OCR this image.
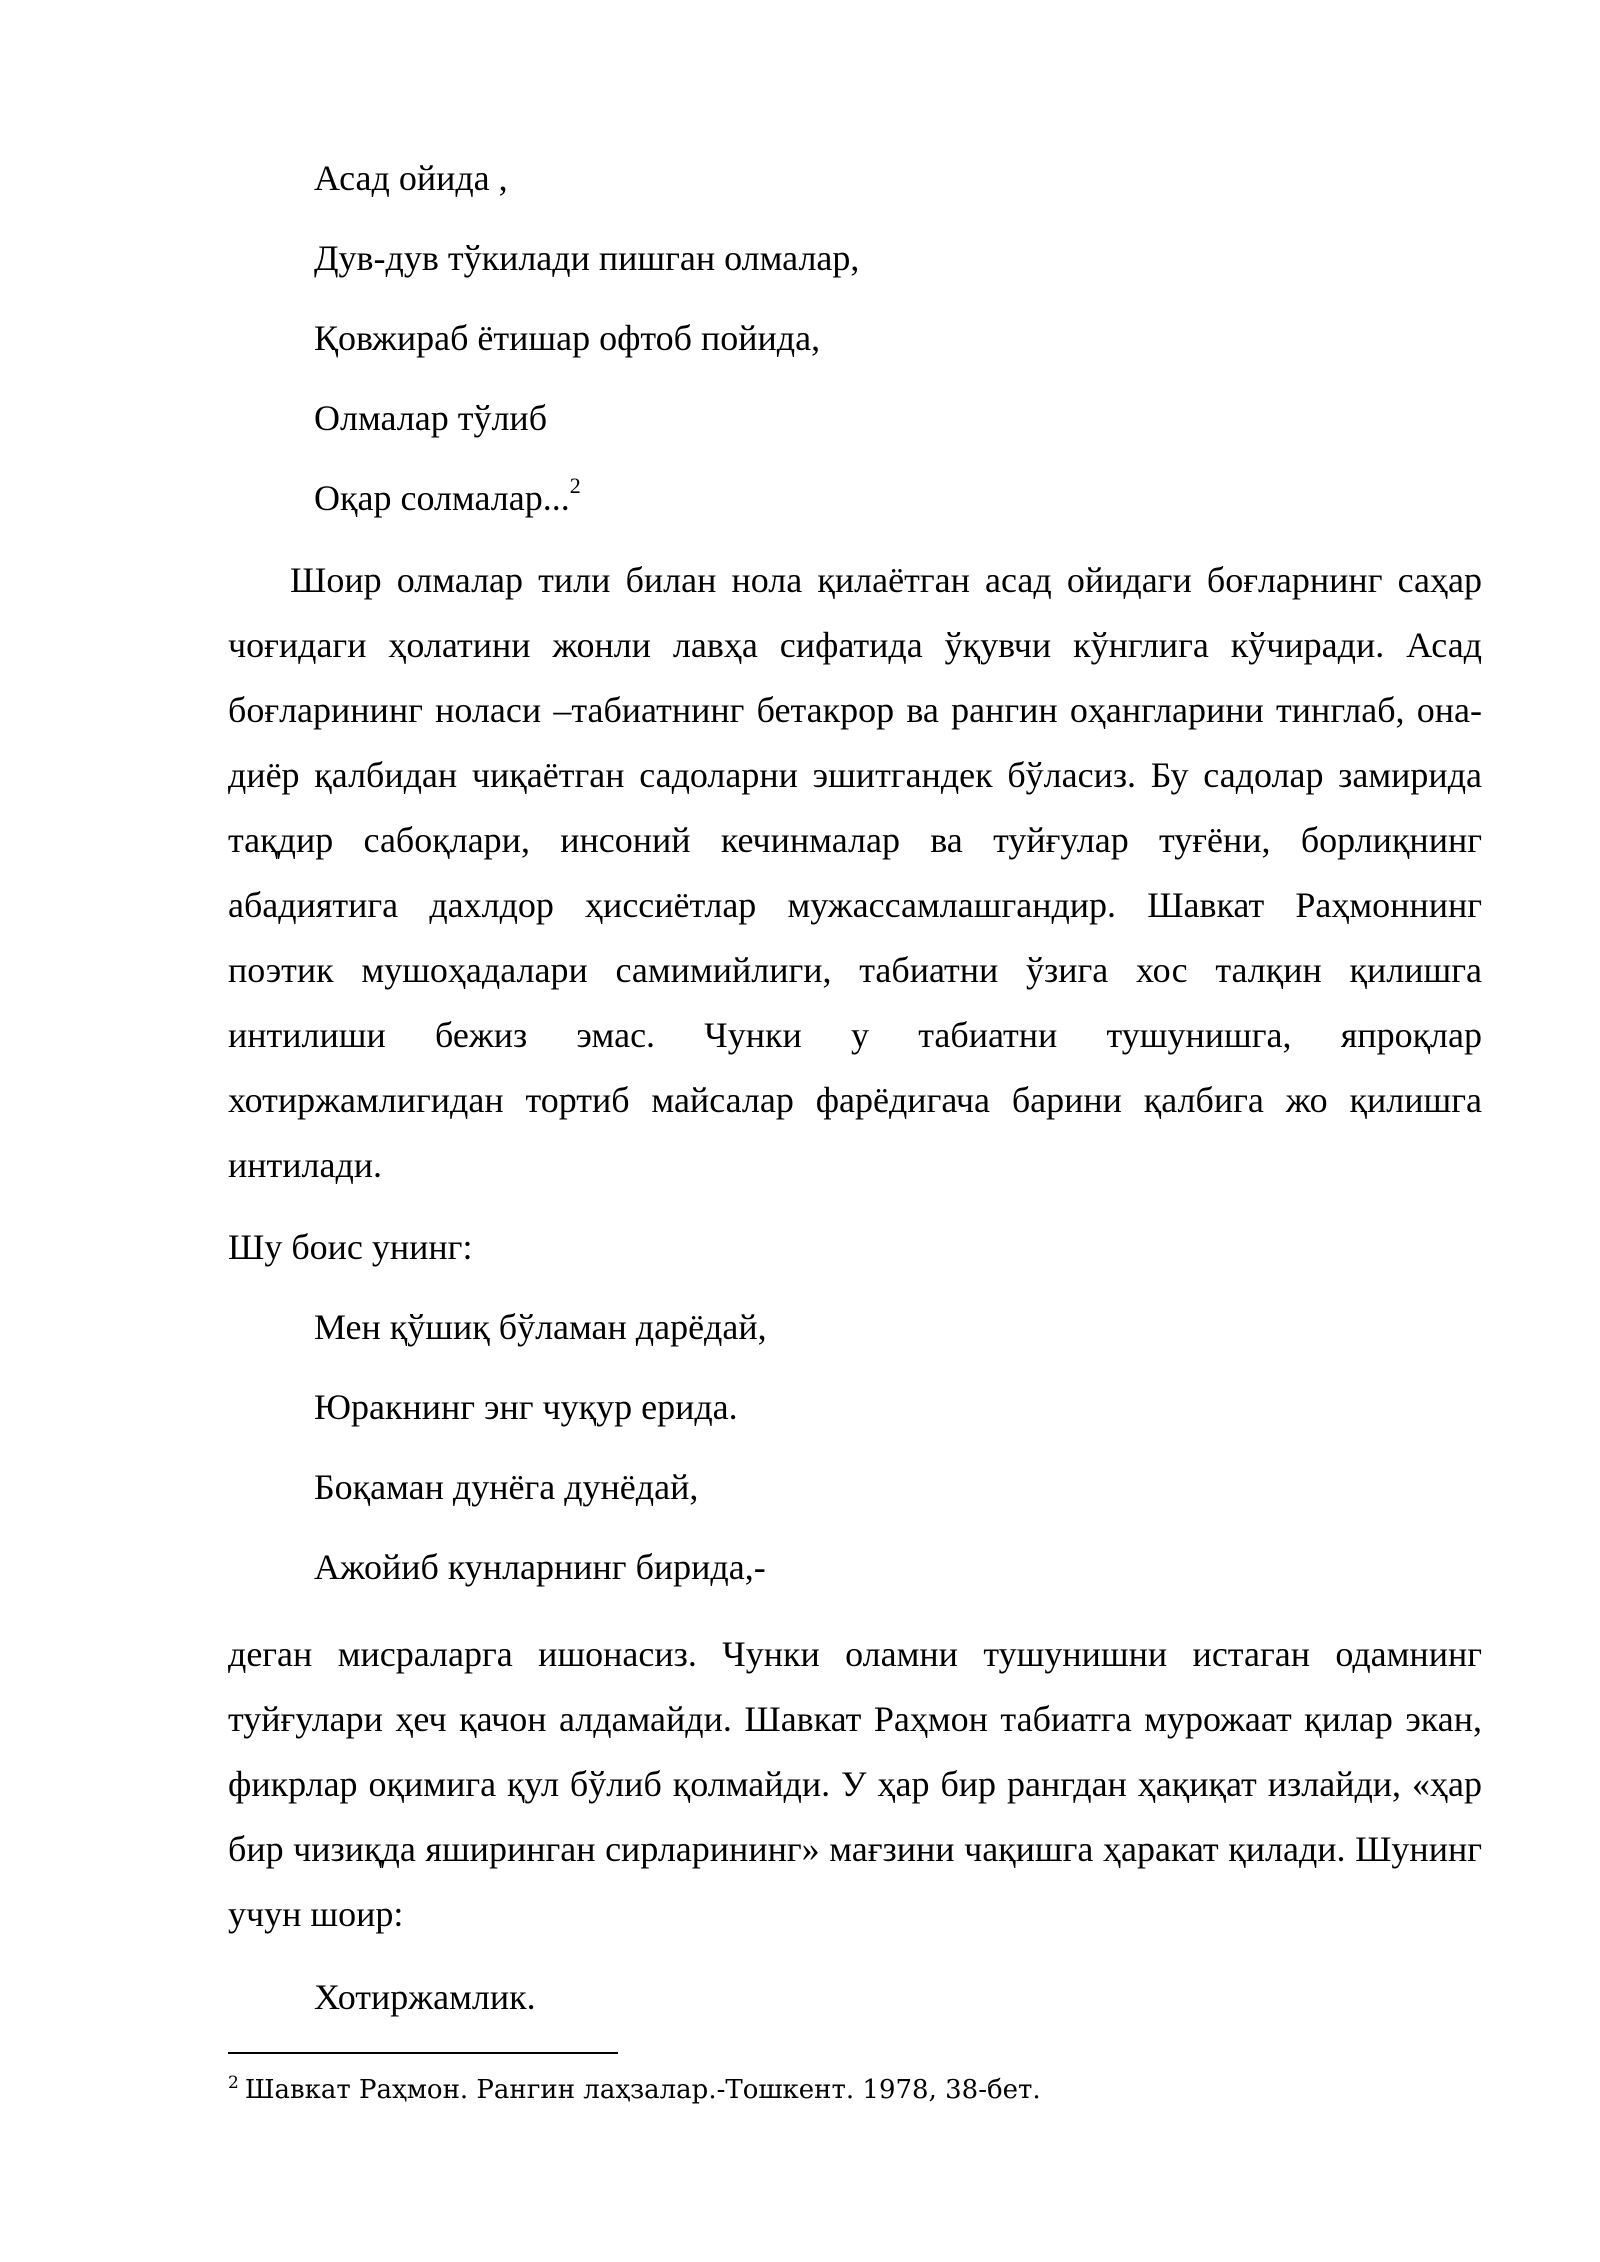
Асад ойида ,
Дув-дув тўкилади пишган олмалар,
Қовжираб ётишар офтоб пойида,
Олмалар тўлиб
Оқар солмалар...$^2$
Шоир олмалар тили билан нола қилаётган асад ойидаги боғларнинг саҳар чоғидаги ҳолатини жонли лавҳа сифатида ўқувчи кўнглига кўчиради. Асад боғларининг ноласи –табиатнинг бетакрор ва рангин оҳангларини тинглаб, она-диёр қалбидан чиқаётган садоларни эшитгандек бўласиз. Бу садолар замирида тақдир сабоқлари, инсоний кечинмалар ва туйғулар туғёни, борлиқнинг абадиятига дахлдор ҳиссиётлар мужассамлашгандир. Шавкат Раҳмоннинг поэтик мушоҳадалари самимийлиги, табиатни ўзига хос талқин қилишга интилиши бежиз эмас. Чунки у табиатни тушунишга, япроқлар хотиржамлигидан тортиб майсалар фарёдигача барини қалбига жо қилишга интилади.
Шу боис унинг:
Мен қўшиқ бўламан дарёдай,
Юракнинг энг чуқур ерида.
Боқаман дунёга дунёдай,
Ажойиб кунларнинг бирида,-
деган мисраларга ишонасиз. Чунки оламни тушунишни истаган одамнинг туйғулари ҳеч қачон алдамайди. Шавкат Раҳмон табиатга мурожаат қилар экан, фикрлар оқимига қул бўлиб қолмайди. У ҳар бир рангдан ҳақиқат излайди, «ҳар бир чизиқда яширинган сирларининг» мағзини чақишга ҳаракат қилади. Шунинг учун шоир:
Хотиржамлик.
$^2$ Шавкат Раҳмон. Рангин лаҳзалар.-Тошкент. 1978, 38-бет.
